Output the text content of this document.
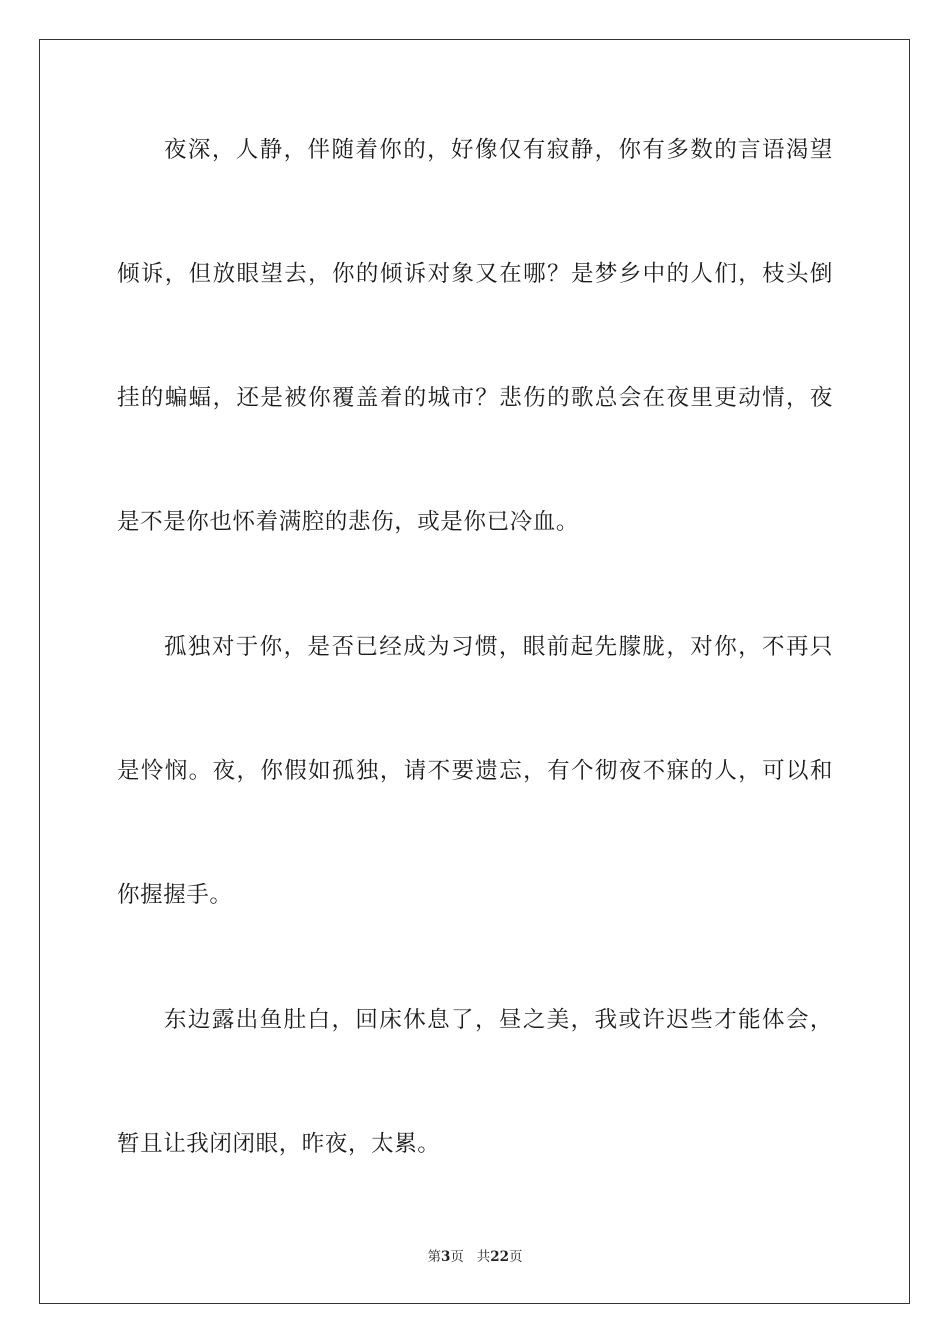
夜深，人静，伴随着你的，好像仅有寂静，你有多数的言语渴望
倾诉，但放眼望去，你的倾诉对象又在哪？是梦乡中的人们，枝头倒
挂的蝙蝠，还是被你覆盖着的城市？悲伤的歌总会在夜里更动情，夜
是不是你也怀着满腔的悲伤，或是你已冷血。
孤独对于你，是否已经成为习惯，眼前起先朦胧，对你，不再只
是怜悯。夜，你假如孤独，请不要遗忘，有个彻夜不寐的人，可以和
你握握手。
东边露出鱼肚白，回床休息了，昼之美，我或许迟些才能体会，
暂且让我闭闭眼，昨夜，太累。
第3页 共22页
